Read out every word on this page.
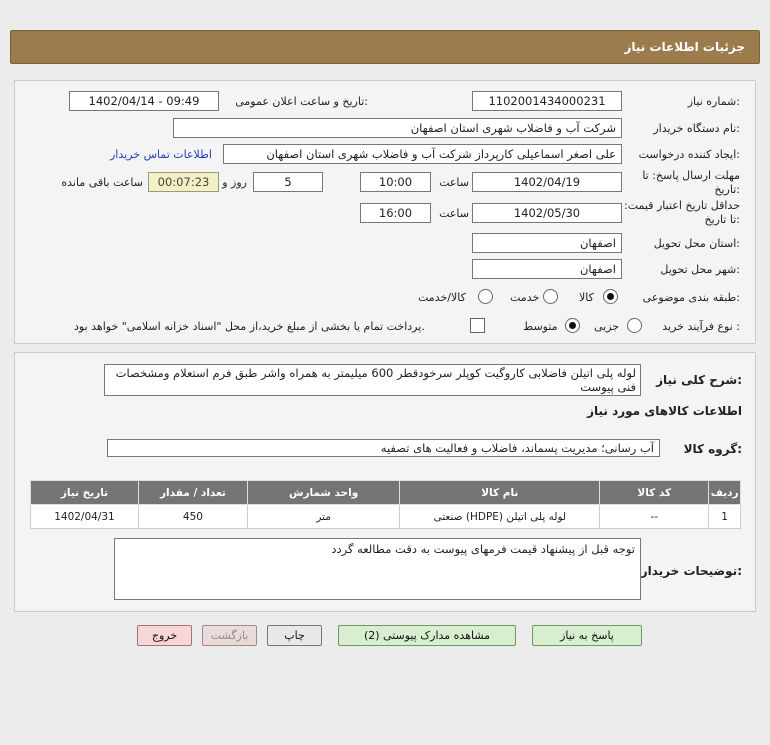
جزئیات اطلاعات نیاز
شماره نیاز:
1102001434000231
تاریخ و ساعت اعلان عمومی:
1402/04/14 - 09:49
نام دستگاه خریدار:
شرکت آب و فاضلاب شهری استان اصفهان
ایجاد کننده درخواست:
علی اصغر اسماعیلی کارپرداز شرکت آب و فاضلاب شهری استان اصفهان
اطلاعات تماس خریدار
مهلت ارسال پاسخ: تا تاریخ:
1402/04/19
ساعت
10:00
5
روز و
00:07:23
ساعت باقی مانده
حداقل تاریخ اعتبار قیمت: تا تاریخ:
1402/05/30
ساعت
16:00
استان محل تحویل:
اصفهان
شهر محل تحویل:
اصفهان
طبقه بندی موضوعی:
کالا
خدمت
کالا/خدمت
نوع فرآیند خرید :
جزیی
متوسط
پرداخت تمام یا بخشی از مبلغ خرید،از محل "اسناد خزانه اسلامی" خواهد بود.
شرح کلی نیاز:
لوله پلی اتیلن فاضلابی کاروگیت کوپلر سرخودقطر 600 میلیمتر به همراه واشر طبق فرم استعلام ومشخصات فنی پیوست
اطلاعات کالاهای مورد نیاز
گروه کالا:
آب رسانی؛ مدیریت پسماند، فاضلاب و فعالیت های تصفیه
ردیف	کد کالا	نام کالا	واحد شمارش	تعداد / مقدار	تاریخ نیاز
1	--	لوله پلی اتیلن (HDPE) صنعتی	متر	450	1402/04/31
توضیحات خریدار:
توجه قبل از پیشنهاد قیمت فرمهای پیوست به دقت مطالعه گردد
پاسخ به نیاز
مشاهده مدارک پیوستی (2)
چاپ
بازگشت
خروج
